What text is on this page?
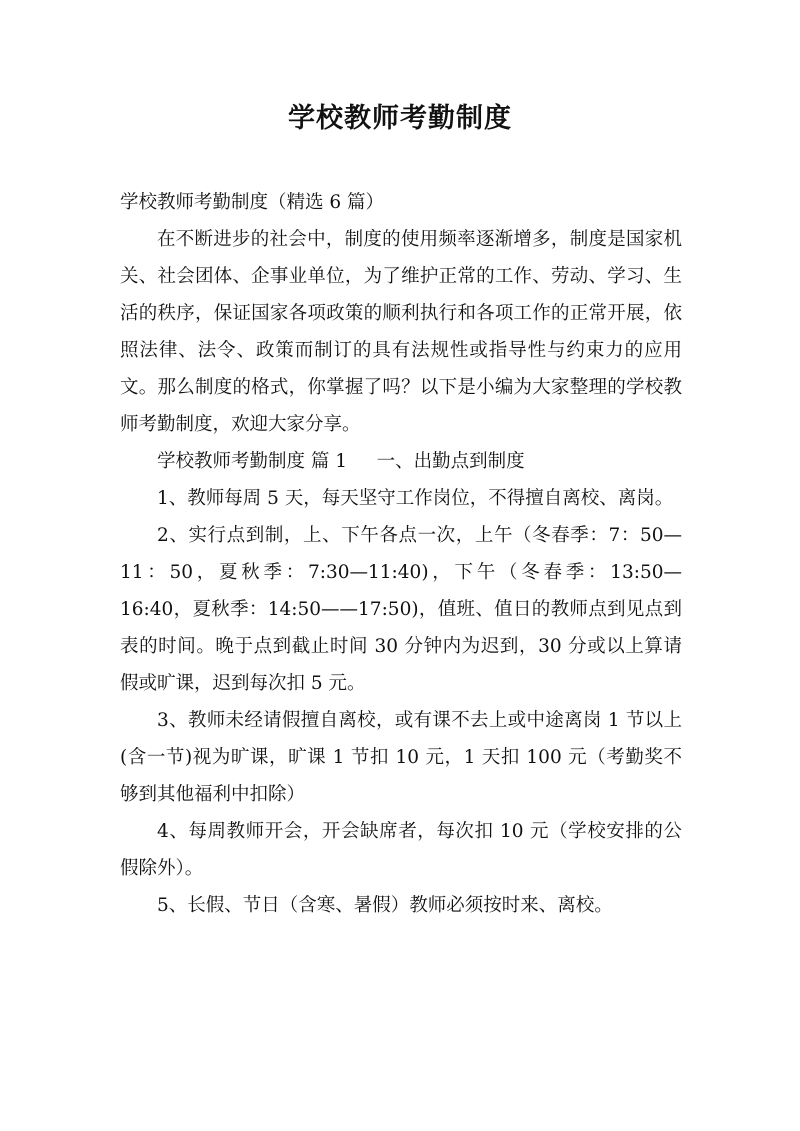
学校教师考勤制度

学校教师考勤制度（精选 6 篇）

在不断进步的社会中，制度的使用频率逐渐增多，制度是国家机关、社会团体、企事业单位，为了维护正常的工作、劳动、学习、生活的秩序，保证国家各项政策的顺利执行和各项工作的正常开展，依照法律、法令、政策而制订的具有法规性或指导性与约束力的应用文。那么制度的格式，你掌握了吗？以下是小编为大家整理的学校教师考勤制度，欢迎大家分享。

学校教师考勤制度 篇 1 一、出勤点到制度

1、教师每周 5 天，每天坚守工作岗位，不得擅自离校、离岗。

2、实行点到制，上、下午各点一次，上午（冬春季：7：50—11：50，夏秋季：7:30—11:40)，下午（冬春季：13:50—16:40，夏秋季：14:50——17:50)，值班、值日的教师点到见点到表的时间。晚于点到截止时间 30 分钟内为迟到，30 分或以上算请假或旷课，迟到每次扣 5 元。

3、教师未经请假擅自离校，或有课不去上或中途离岗 1 节以上(含一节)视为旷课，旷课 1 节扣 10 元，1 天扣 100 元（考勤奖不够到其他福利中扣除）

4、每周教师开会，开会缺席者，每次扣 10 元（学校安排的公假除外）。

5、长假、节日（含寒、暑假）教师必须按时来、离校。
